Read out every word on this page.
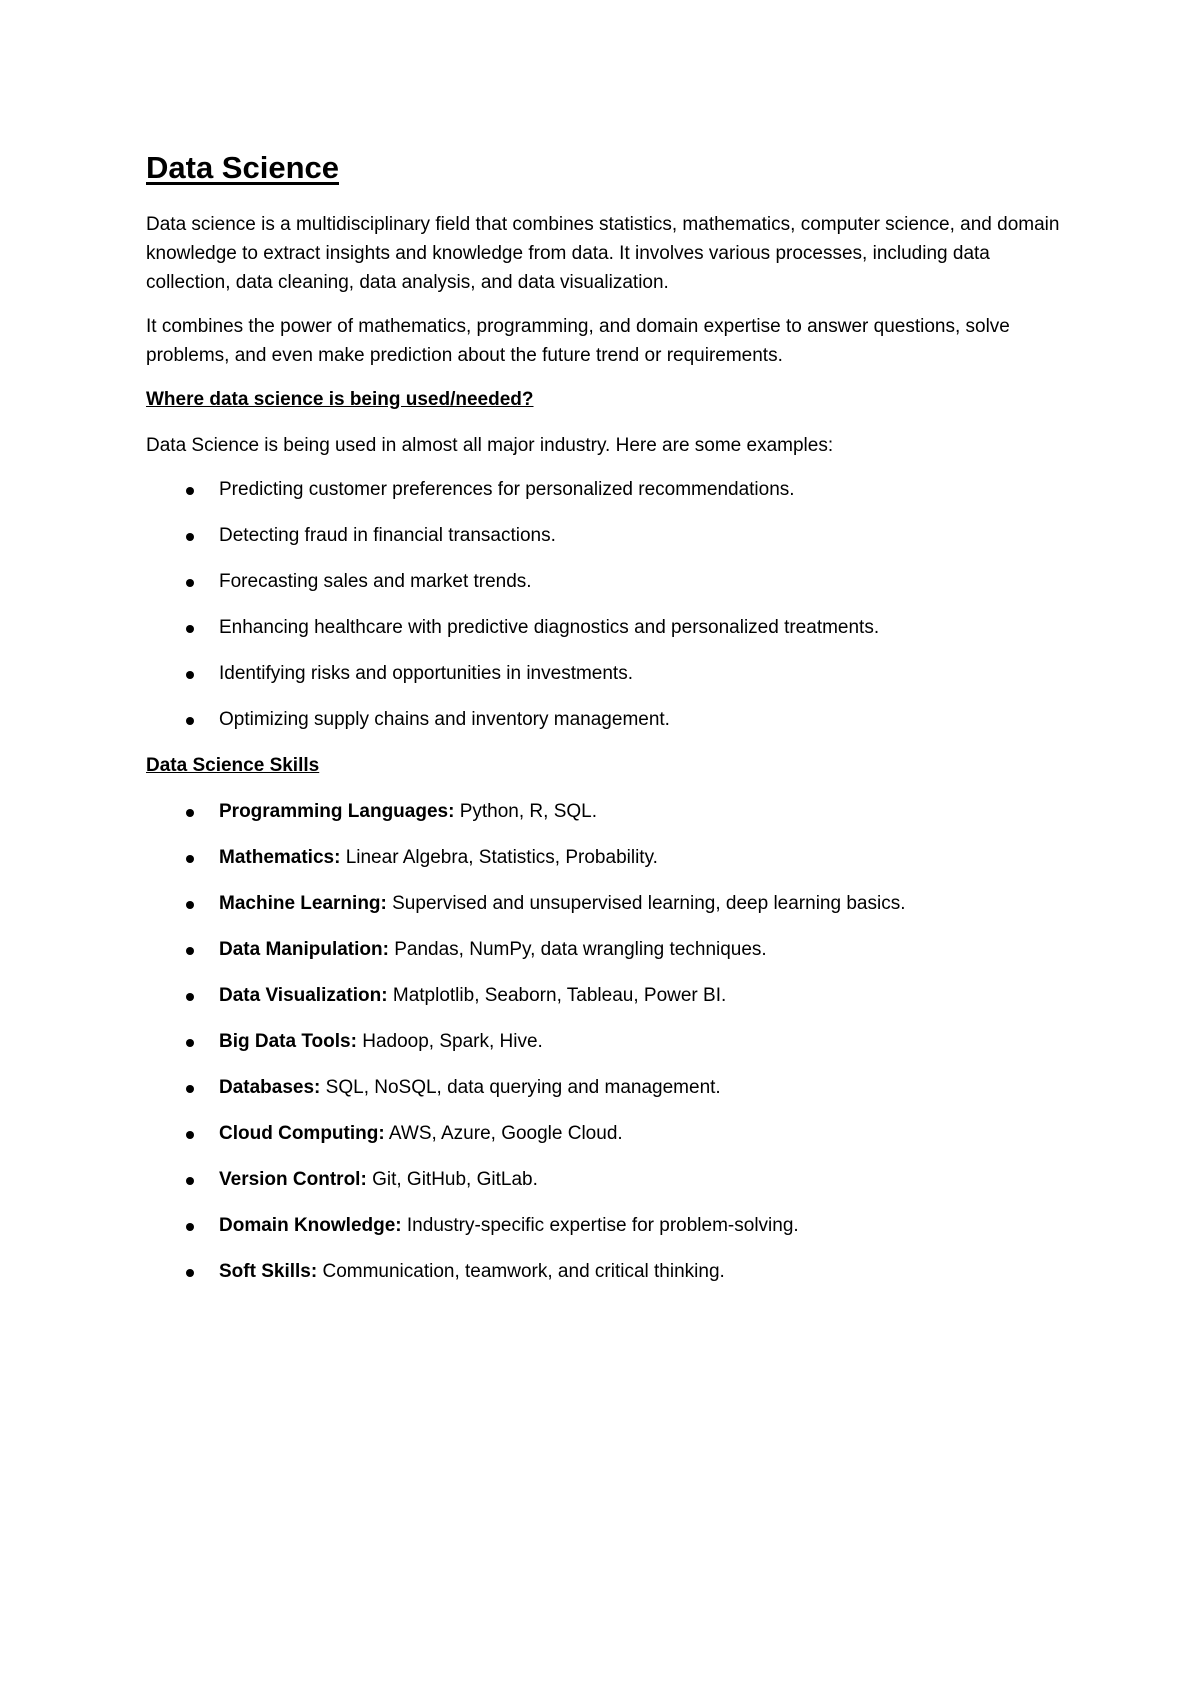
Data Science

Data science is a multidisciplinary field that combines statistics, mathematics, computer science, and domain knowledge to extract insights and knowledge from data. It involves various processes, including data collection, data cleaning, data analysis, and data visualization.

It combines the power of mathematics, programming, and domain expertise to answer questions, solve problems, and even make prediction about the future trend or requirements.

Where data science is being used/needed?

Data Science is being used in almost all major industry. Here are some examples:

Predicting customer preferences for personalized recommendations.
Detecting fraud in financial transactions.
Forecasting sales and market trends.
Enhancing healthcare with predictive diagnostics and personalized treatments.
Identifying risks and opportunities in investments.
Optimizing supply chains and inventory management.
Data Science Skills
Programming Languages: Python, R, SQL.
Mathematics: Linear Algebra, Statistics, Probability.
Machine Learning: Supervised and unsupervised learning, deep learning basics.
Data Manipulation: Pandas, NumPy, data wrangling techniques.
Data Visualization: Matplotlib, Seaborn, Tableau, Power BI.
Big Data Tools: Hadoop, Spark, Hive.
Databases: SQL, NoSQL, data querying and management.
Cloud Computing: AWS, Azure, Google Cloud.
Version Control: Git, GitHub, GitLab.
Domain Knowledge: Industry-specific expertise for problem-solving.
Soft Skills: Communication, teamwork, and critical thinking.
